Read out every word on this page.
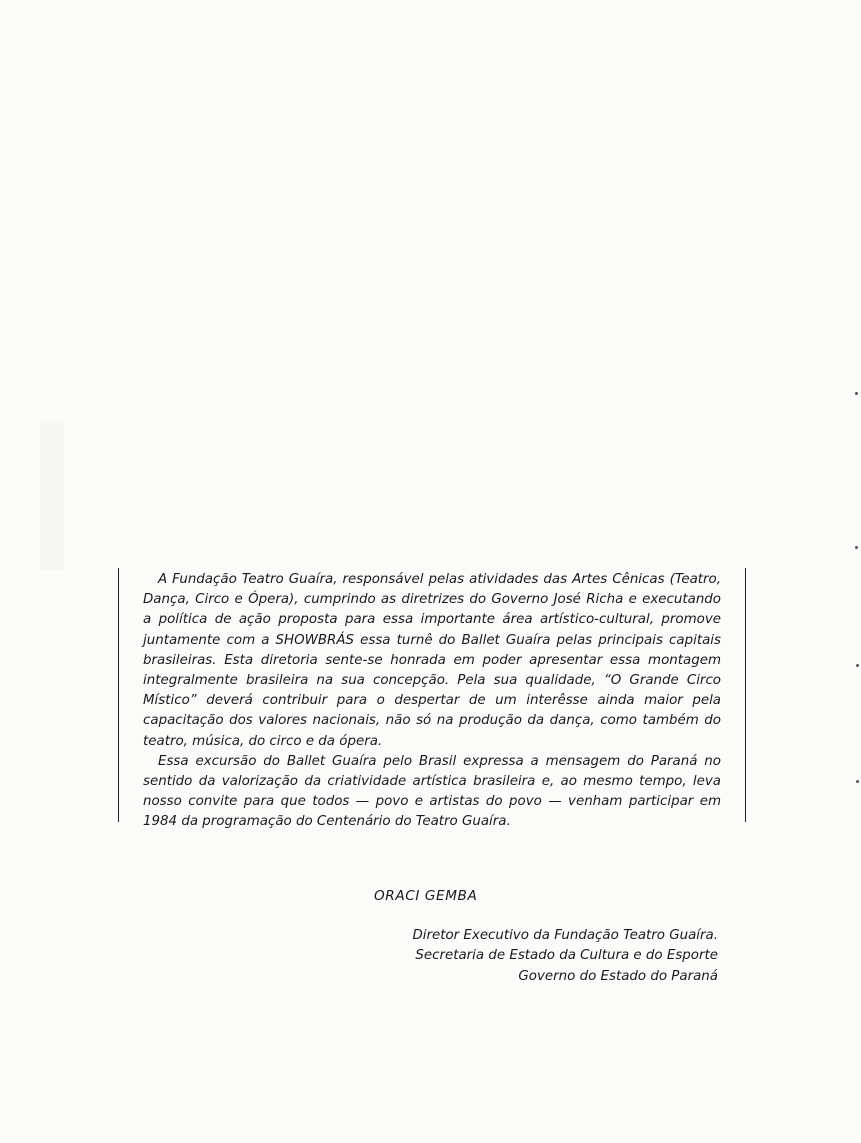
A Fundação Teatro Guaíra, responsável pelas atividades das Artes Cênicas (Teatro, Dança, Circo e Ópera), cumprindo as diretrizes do Governo José Richa e executando a política de ação proposta para essa importante área artístico-cultural, promove juntamente com a SHOWBRÁS essa turnê do Ballet Guaíra pelas principais capitais brasileiras. Esta diretoria sente-se honrada em poder apresentar essa montagem integralmente brasileira na sua concepção. Pela sua qualidade, “O Grande Circo Místico” deverá contribuir para o despertar de um interêsse ainda maior pela capacitação dos valores nacionais, não só na produção da dança, como também do teatro, música, do circo e da ópera.

Essa excursão do Ballet Guaíra pelo Brasil expressa a mensagem do Paraná no sentido da valorização da criatividade artística brasileira e, ao mesmo tempo, leva nosso convite para que todos — povo e artistas do povo — venham participar em 1984 da programação do Centenário do Teatro Guaíra.

ORACI GEMBA
Diretor Executivo da Fundação Teatro Guaíra.
Secretaria de Estado da Cultura e do Esporte
Governo do Estado do Paraná
